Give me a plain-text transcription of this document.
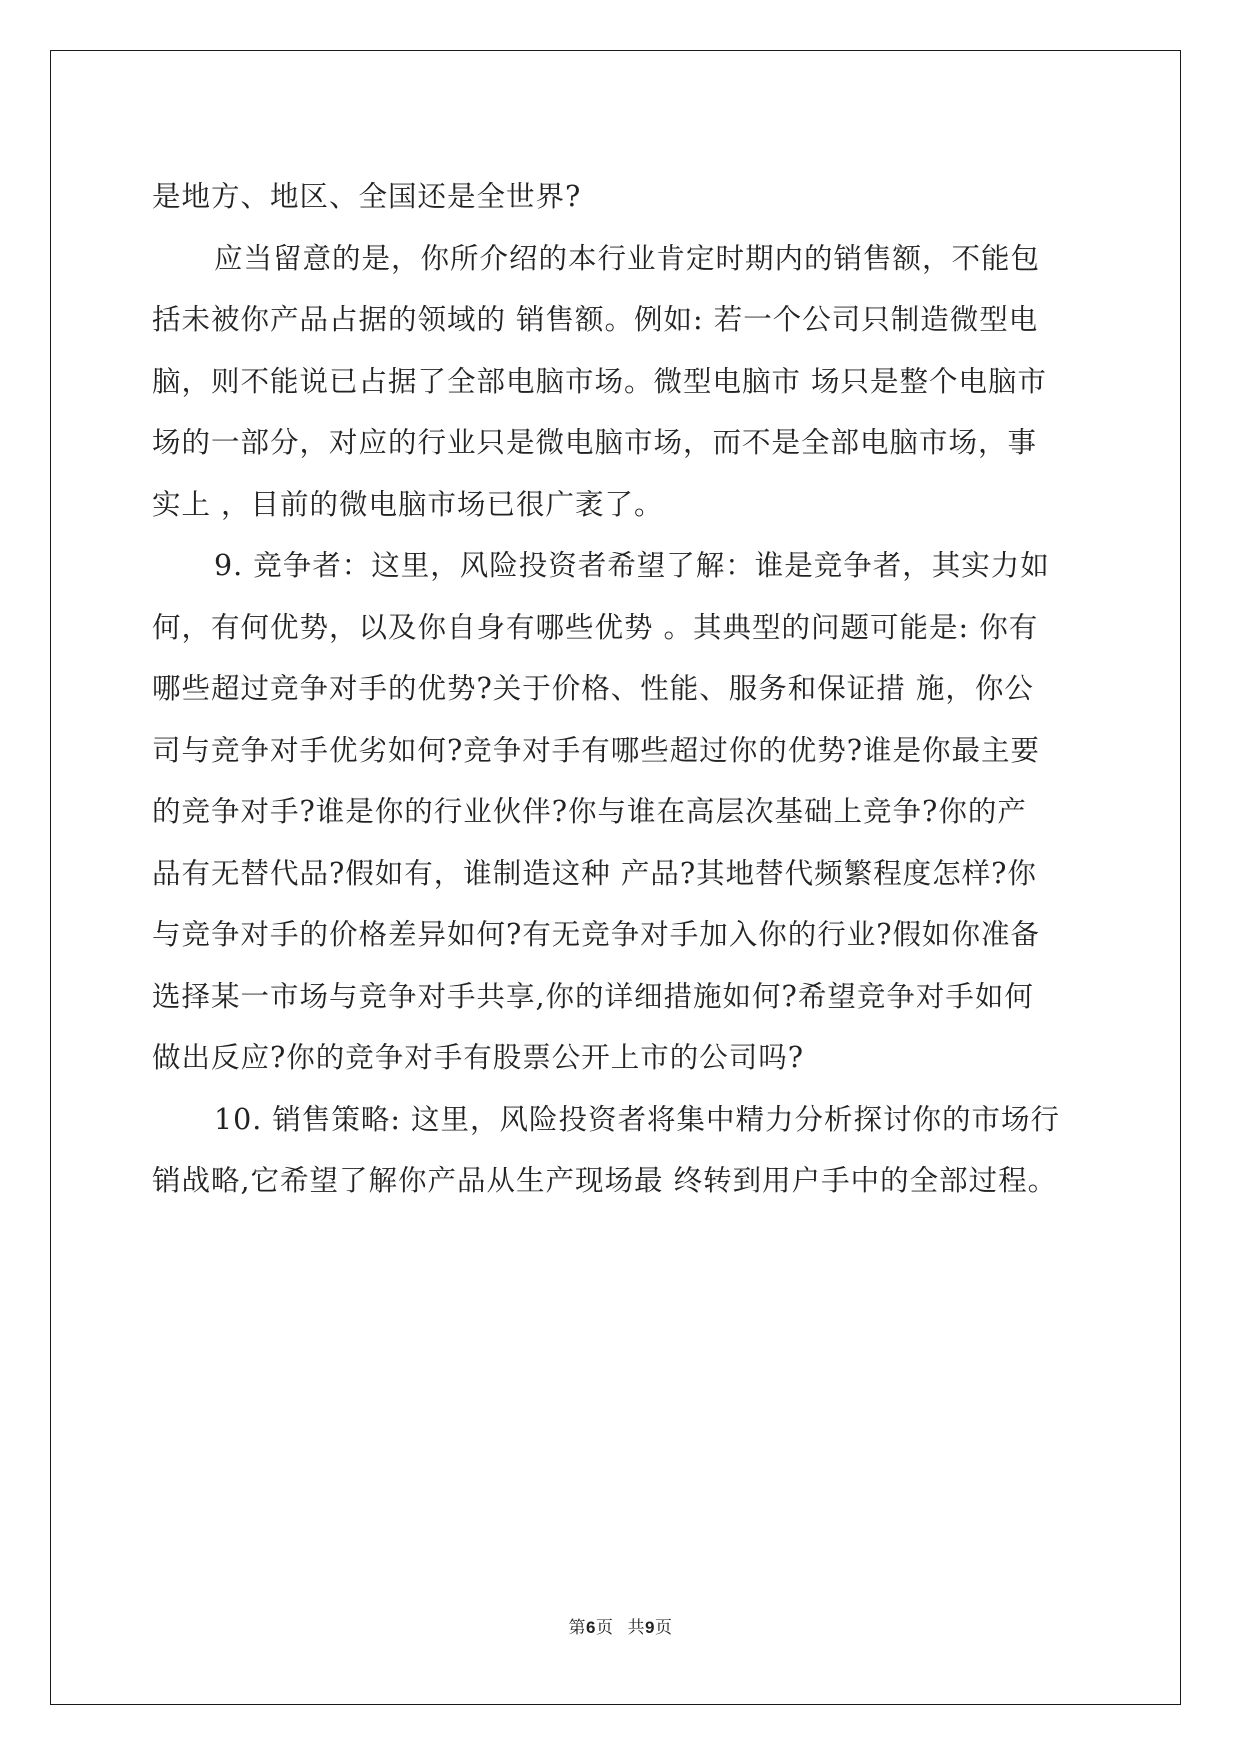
是地方、地区、全国还是全世界?

应当留意的是，你所介绍的本行业肯定时期内的销售额，不能包
括未被你产品占据的领域的 销售额。例如: 若一个公司只制造微型电
脑，则不能说已占据了全部电脑市场。微型电脑市 场只是整个电脑市
场的一部分，对应的行业只是微电脑市场，而不是全部电脑市场，事
实上 ，目前的微电脑市场已很广袤了。

9. 竞争者：这里，风险投资者希望了解：谁是竞争者，其实力如
何，有何优势，以及你自身有哪些优势 。其典型的问题可能是: 你有
哪些超过竞争对手的优势?关于价格、性能、服务和保证措 施，你公
司与竞争对手优劣如何?竞争对手有哪些超过你的优势?谁是你最主要
的竞争对手?谁是你的行业伙伴?你与谁在高层次基础上竞争?你的产
品有无替代品?假如有，谁制造这种 产品?其地替代频繁程度怎样?你
与竞争对手的价格差异如何?有无竞争对手加入你的行业?假如你准备
选择某一市场与竞争对手共享,你的详细措施如何?希望竞争对手如何
做出反应?你的竞争对手有股票公开上市的公司吗?

10. 销售策略: 这里，风险投资者将集中精力分析探讨你的市场行
销战略,它希望了解你产品从生产现场最 终转到用户手中的全部过程。

第6页 共9页
